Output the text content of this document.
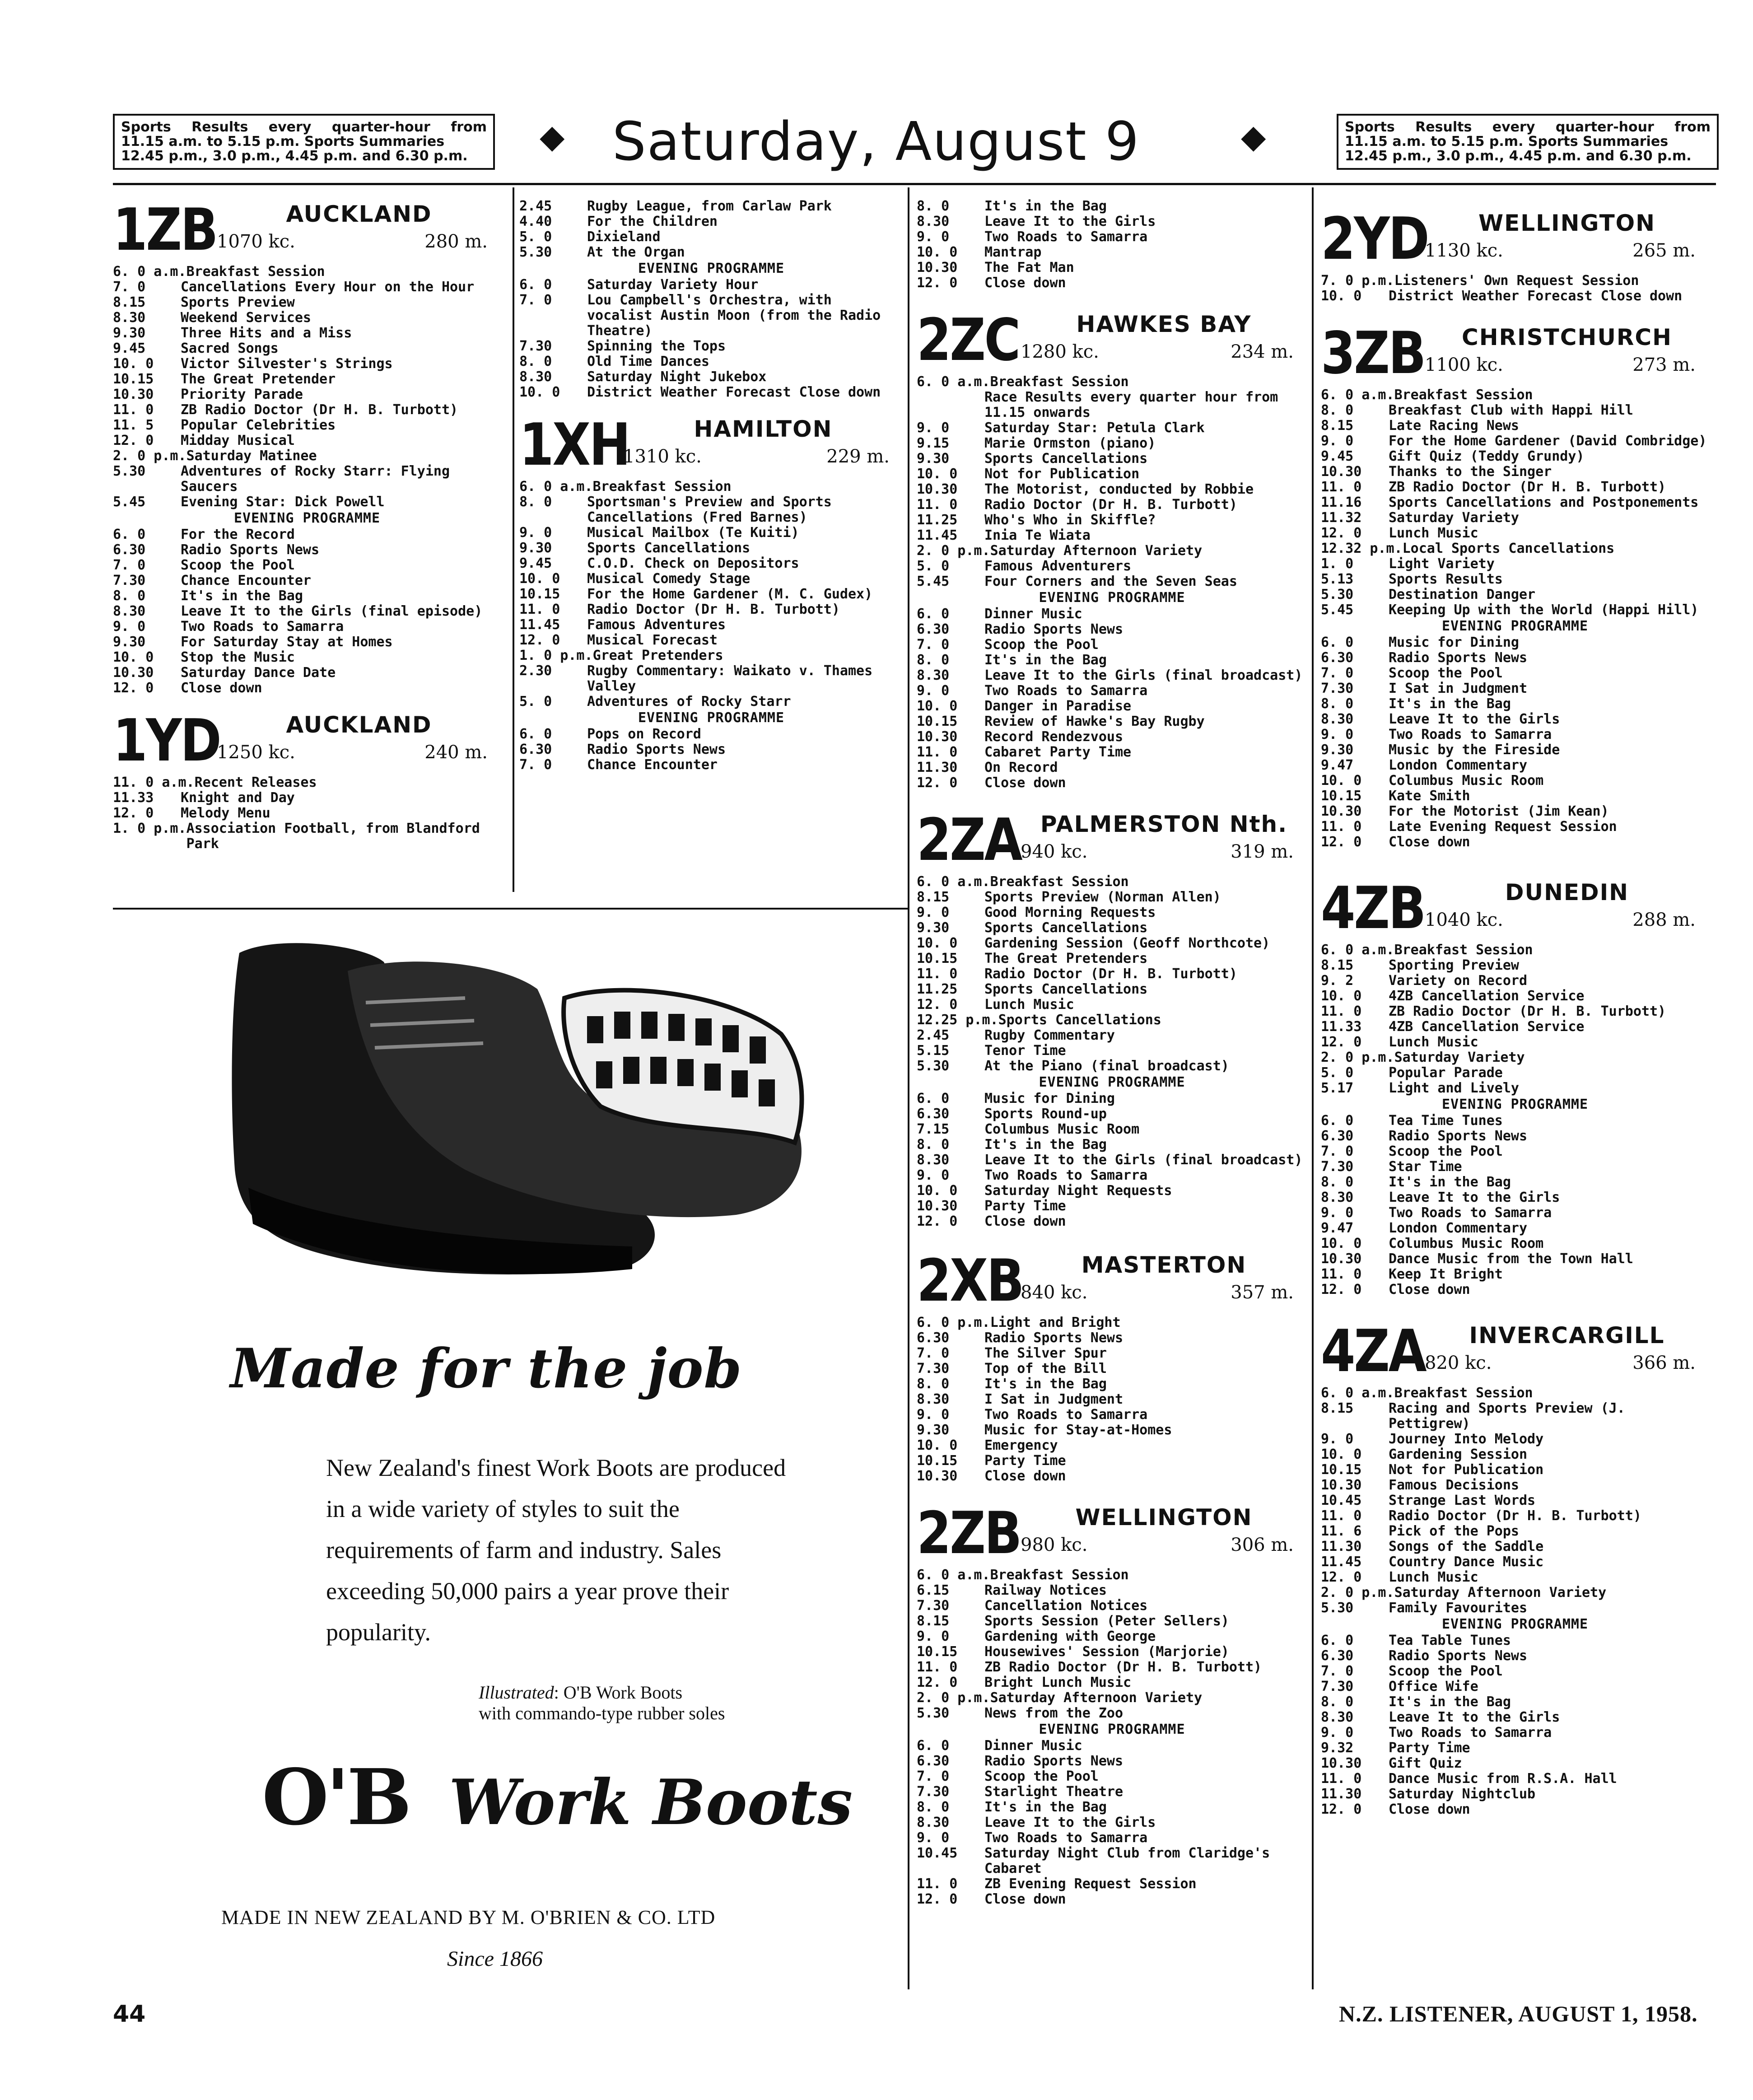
Sports Results every quarter-hour from
11.15 a.m. to 5.15 p.m. Sports Summaries
12.45 p.m., 3.0 p.m., 4.45 p.m. and 6.30 p.m.
◆ Saturday, August 9	◆	Sports Results every quarter-hour from
11.15 a.m. to 5.15 p.m. Sports Summaries
12.45 p.m., 3.0 p.m., 4.45 p.m. and 6.30 p.m.
1ZB	AUCKLAND
1070 kc.	280 m.
6. 0 a.m. Breakfast Session
7. 0	Cancellations Every Hour on the Hour
8.15	Sports Preview
8.30	Weekend Services
9.30	Three Hits and a Miss
9.45	Sacred Songs
10. 0	Victor Silvester's Strings
10.15	The Great Pretender
10.30	Priority Parade
11. 0	ZB Radio Doctor (Dr H. B. Turbott)
11. 5	Popular Celebrities
12. 0	Midday Musical
2. 0 p.m. Saturday Matinee
5.30	Adventures of Rocky Starr: Flying Saucers
5.45	Evening Star: Dick Powell
EVENING PROGRAMME
6. 0	For the Record
6.30	Radio Sports News
7. 0	Scoop the Pool
7.30	Chance Encounter
8. 0	It's in the Bag
8.30	Leave It to the Girls (final episode)
9. 0	Two Roads to Samarra
9.30	For Saturday Stay at Homes
10. 0	Stop the Music
10.30	Saturday Dance Date
12. 0	Close down
1YD	AUCKLAND
1250 kc.	240 m.
11. 0 a.m. Recent Releases
11.33	Knight and Day
12. 0	Melody Menu
1. 0 p.m. Association Football, from Blandford Park
2.45	Rugby League, from Carlaw Park
4.40	For the Children
5. 0	Dixieland
5.30	At the Organ
EVENING PROGRAMME
6. 0	Saturday Variety Hour
7. 0	Lou Campbell's Orchestra, with vocalist Austin Moon (from the Radio Theatre)
7.30	Spinning the Tops
8. 0	Old Time Dances
8.30	Saturday Night Jukebox
10. 0	District Weather Forecast Close down
1XH	HAMILTON
1310 kc.	229 m.
6. 0 a.m. Breakfast Session
8. 0	Sportsman's Preview and Sports Cancellations (Fred Barnes)
9. 0	Musical Mailbox (Te Kuiti)
9.30	Sports Cancellations
9.45	C.O.D. Check on Depositors
10. 0	Musical Comedy Stage
10.15	For the Home Gardener (M. C. Gudex)
11. 0	Radio Doctor (Dr H. B. Turbott)
11.45	Famous Adventures
12. 0	Musical Forecast
1. 0 p.m. Great Pretenders
2.30	Rugby Commentary: Waikato v. Thames Valley
5. 0	Adventures of Rocky Starr
EVENING PROGRAMME
6. 0	Pops on Record
6.30	Radio Sports News
7. 0	Chance Encounter
8. 0	It's in the Bag
8.30	Leave It to the Girls
9. 0	Two Roads to Samarra
10. 0	Mantrap
10.30	The Fat Man
12. 0	Close down
2ZC	HAWKES BAY
1280 kc.	234 m.
6. 0 a.m. Breakfast Session
Race Results every quarter hour from 11.15 onwards
9. 0	Saturday Star: Petula Clark
9.15	Marie Ormston (piano)
9.30	Sports Cancellations
10. 0	Not for Publication
10.30	The Motorist, conducted by Robbie
11. 0	Radio Doctor (Dr H. B. Turbott)
11.25	Who's Who in Skiffle?
11.45	Inia Te Wiata
2. 0 p.m. Saturday Afternoon Variety
5. 0	Famous Adventurers
5.45	Four Corners and the Seven Seas
EVENING PROGRAMME
6. 0	Dinner Music
6.30	Radio Sports News
7. 0	Scoop the Pool
8. 0	It's in the Bag
8.30	Leave It to the Girls (final broadcast)
9. 0	Two Roads to Samarra
10. 0	Danger in Paradise
10.15	Review of Hawke's Bay Rugby
10.30	Record Rendezvous
11. 0	Cabaret Party Time
11.30	On Record
12. 0	Close down
2ZA PALMERSTON Nth.
940 kc.	319 m.
6. 0 a.m. Breakfast Session
8.15	Sports Preview (Norman Allen)
9. 0	Good Morning Requests
9.30	Sports Cancellations
10. 0	Gardening Session (Geoff Northcote)
10.15	The Great Pretenders
11. 0	Radio Doctor (Dr H. B. Turbott)
11.25	Sports Cancellations
12. 0	Lunch Music
12.25 p.m. Sports Cancellations
2.45	Rugby Commentary
5.15	Tenor Time
5.30	At the Piano (final broadcast)
EVENING PROGRAMME
6. 0	Music for Dining
6.30	Sports Round-up
7.15	Columbus Music Room
8. 0	It's in the Bag
8.30	Leave It to the Girls (final broadcast)
9. 0	Two Roads to Samarra
10. 0	Saturday Night Requests
10.30	Party Time
12. 0	Close down
2XB	MASTERTON
840 kc.	357 m.
6. 0 p.m. Light and Bright
6.30	Radio Sports News
7. 0	The Silver Spur
7.30	Top of the Bill
8. 0	It's in the Bag
8.30	I Sat in Judgment
9. 0	Two Roads to Samarra
9.30	Music for Stay-at-Homes
10. 0	Emergency
10.15	Party Time
10.30	Close down
2ZB	WELLINGTON
980 kc.	306 m.
6. 0 a.m. Breakfast Session
6.15	Railway Notices
7.30	Cancellation Notices
8.15	Sports Session (Peter Sellers)
9. 0	Gardening with George
10.15	Housewives' Session (Marjorie)
11. 0	ZB Radio Doctor (Dr H. B. Turbott)
12. 0	Bright Lunch Music
2. 0 p.m. Saturday Afternoon Variety
5.30	News from the Zoo
EVENING PROGRAMME
6. 0	Dinner Music
6.30	Radio Sports News
7. 0	Scoop the Pool
7.30	Starlight Theatre
8. 0	It's in the Bag
8.30	Leave It to the Girls
9. 0	Two Roads to Samarra
10.45	Saturday Night Club from Claridge's Cabaret
11. 0	ZB Evening Request Session
12. 0	Close down
2YD	WELLINGTON
1130 kc.	265 m.
7. 0 p.m. Listeners' Own Request Session
10. 0	District Weather Forecast Close down
3ZB	CHRISTCHURCH
1100 kc.	273 m.
6. 0 a.m. Breakfast Session
8. 0	Breakfast Club with Happi Hill
8.15	Late Racing News
9. 0	For the Home Gardener (David Combridge)
9.45	Gift Quiz (Teddy Grundy)
10.30	Thanks to the Singer
11. 0	ZB Radio Doctor (Dr H. B. Turbott)
11.16	Sports Cancellations and Postponements
11.32	Saturday Variety
12. 0	Lunch Music
12.32 p.m. Local Sports Cancellations
1. 0	Light Variety
5.13	Sports Results
5.30	Destination Danger
5.45	Keeping Up with the World (Happi Hill)
EVENING PROGRAMME
6. 0	Music for Dining
6.30	Radio Sports News
7. 0	Scoop the Pool
7.30	I Sat in Judgment
8. 0	It's in the Bag
8.30	Leave It to the Girls
9. 0	Two Roads to Samarra
9.30	Music by the Fireside
9.47	London Commentary
10. 0	Columbus Music Room
10.15	Kate Smith
10.30	For the Motorist (Jim Kean)
11. 0	Late Evening Request Session
12. 0	Close down
4ZB	DUNEDIN
1040 kc.	288 m.
6. 0 a.m. Breakfast Session
8.15	Sporting Preview
9. 2	Variety on Record
10. 0	4ZB Cancellation Service
11. 0	ZB Radio Doctor (Dr H. B. Turbott)
11.33	4ZB Cancellation Service
12. 0	Lunch Music
2. 0 p.m. Saturday Variety
5. 0	Popular Parade
5.17	Light and Lively
EVENING PROGRAMME
6. 0	Tea Time Tunes
6.30	Radio Sports News
7. 0	Scoop the Pool
7.30	Star Time
8. 0	It's in the Bag
8.30	Leave It to the Girls
9. 0	Two Roads to Samarra
9.47	London Commentary
10. 0	Columbus Music Room
10.30	Dance Music from the Town Hall
11. 0	Keep It Bright
12. 0	Close down
4ZA	INVERCARGILL
820 kc.	366 m.
6. 0 a.m. Breakfast Session
8.15	Racing and Sports Preview (J. Pettigrew)
9. 0	Journey Into Melody
10. 0	Gardening Session
10.15	Not for Publication
10.30	Famous Decisions
10.45	Strange Last Words
11. 0	Radio Doctor (Dr H. B. Turbott)
11. 6	Pick of the Pops
11.30	Songs of the Saddle
11.45	Country Dance Music
12. 0	Lunch Music
2. 0 p.m. Saturday Afternoon Variety
5.30	Family Favourites
EVENING PROGRAMME
6. 0	Tea Table Tunes
6.30	Radio Sports News
7. 0	Scoop the Pool
7.30	Office Wife
8. 0	It's in the Bag
8.30	Leave It to the Girls
9. 0	Two Roads to Samarra
9.32	Party Time
10.30	Gift Quiz
11. 0	Dance Music from R.S.A. Hall
11.30	Saturday Nightclub
12. 0	Close down
Made for the job
New Zealand's finest Work Boots are produced in a wide variety of styles to suit the requirements of farm and industry. Sales exceeding 50,000 pairs a year prove their popularity.
Illustrated: O'B Work Boots
with commando-type rubber soles
O'B Work Boots
MADE IN NEW ZEALAND BY M. O'BRIEN & CO. LTD
Since 1866
44	N.Z. LISTENER, AUGUST 1, 1958.
